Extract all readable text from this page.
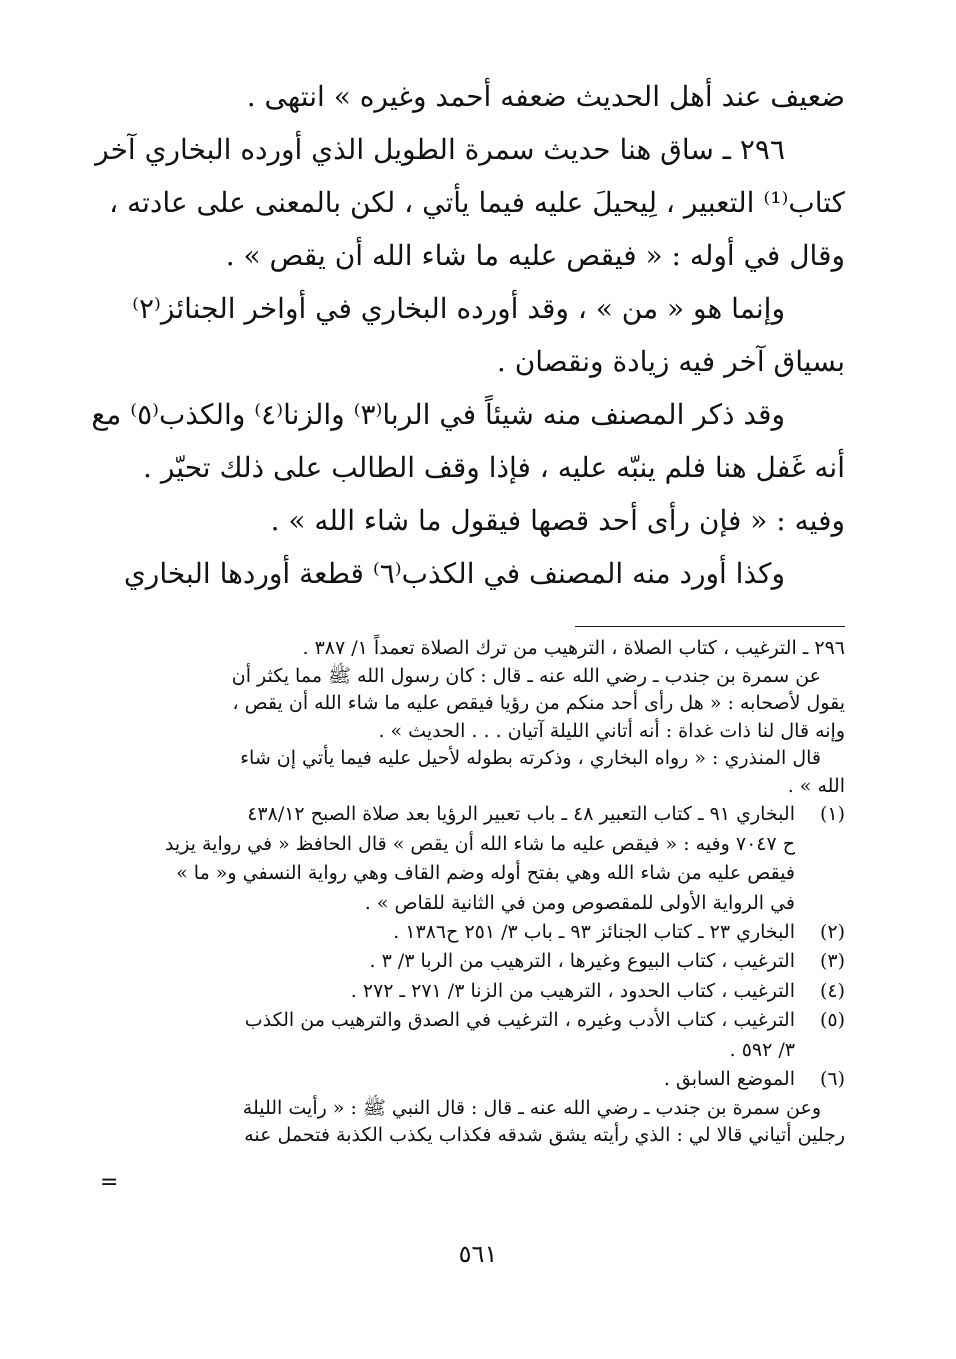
ضعيف عند أهل الحديث ضعفه أحمد وغيره » انتهى .
٢٩٦ ـ ساق هنا حديث سمرة الطويل الذي أورده البخاري آخر
كتاب⁽¹⁾ التعبير ، لِيحيلَ عليه فيما يأتي ، لكن بالمعنى على عادته ،
وقال في أوله : « فيقص عليه ما شاء الله أن يقص » .
وإنما هو « من » ، وقد أورده البخاري في أواخر الجنائز⁽٢⁾
بسياق آخر فيه زيادة ونقصان .
وقد ذكر المصنف منه شيئاً في الربا⁽٣⁾ والزنا⁽٤⁾ والكذب⁽٥⁾ مع
أنه غَفل هنا فلم ينبّه عليه ، فإذا وقف الطالب على ذلك تحيّر .
وفيه : « فإن رأى أحد قصها فيقول ما شاء الله » .
وكذا أورد منه المصنف في الكذب⁽٦⁾ قطعة أوردها البخاري
٢٩٦ ـ الترغيب ، كتاب الصلاة ، الترهيب من ترك الصلاة تعمداً ١/ ٣٨٧ .
عن سمرة بن جندب ـ رضي الله عنه ـ قال : كان رسول الله ﷺ مما يكثر أن
يقول لأصحابه : « هل رأى أحد منكم من رؤيا فيقص عليه ما شاء الله أن يقص ،
وإنه قال لنا ذات غداة : أنه أتاني الليلة آتيان . . . الحديث » .
قال المنذري : « رواه البخاري ، وذكرته بطوله لأحيل عليه فيما يأتي إن شاء
الله » .
(١)
البخاري ٩١ ـ كتاب التعبير ٤٨ ـ باب تعبير الرؤيا بعد صلاة الصبح ٤٣٨/١٢
ح ٧٠٤٧ وفيه : « فيقص عليه ما شاء الله أن يقص » قال الحافظ « في رواية يزيد
فيقص عليه من شاء الله وهي بفتح أوله وضم القاف وهي رواية النسفي و« ما »
في الرواية الأولى للمقصوص ومن في الثانية للقاص » .
(٢)
البخاري ٢٣ ـ كتاب الجنائز ٩٣ ـ باب ٣/ ٢٥١ ح١٣٨٦ .
(٣)
الترغيب ، كتاب البيوع وغيرها ، الترهيب من الربا ٣/ ٣ .
(٤)
الترغيب ، كتاب الحدود ، الترهيب من الزنا ٣/ ٢٧١ ـ ٢٧٢ .
(٥)
الترغيب ، كتاب الأدب وغيره ، الترغيب في الصدق والترهيب من الكذب
٣/ ٥٩٢ .
(٦)
الموضع السابق .
وعن سمرة بن جندب ـ رضي الله عنه ـ قال : قال النبي ﷺ : « رأيت الليلة
رجلين أتياني قالا لي : الذي رأيته يشق شدقه فكذاب يكذب الكذبة فتحمل عنه
=
٥٦١
